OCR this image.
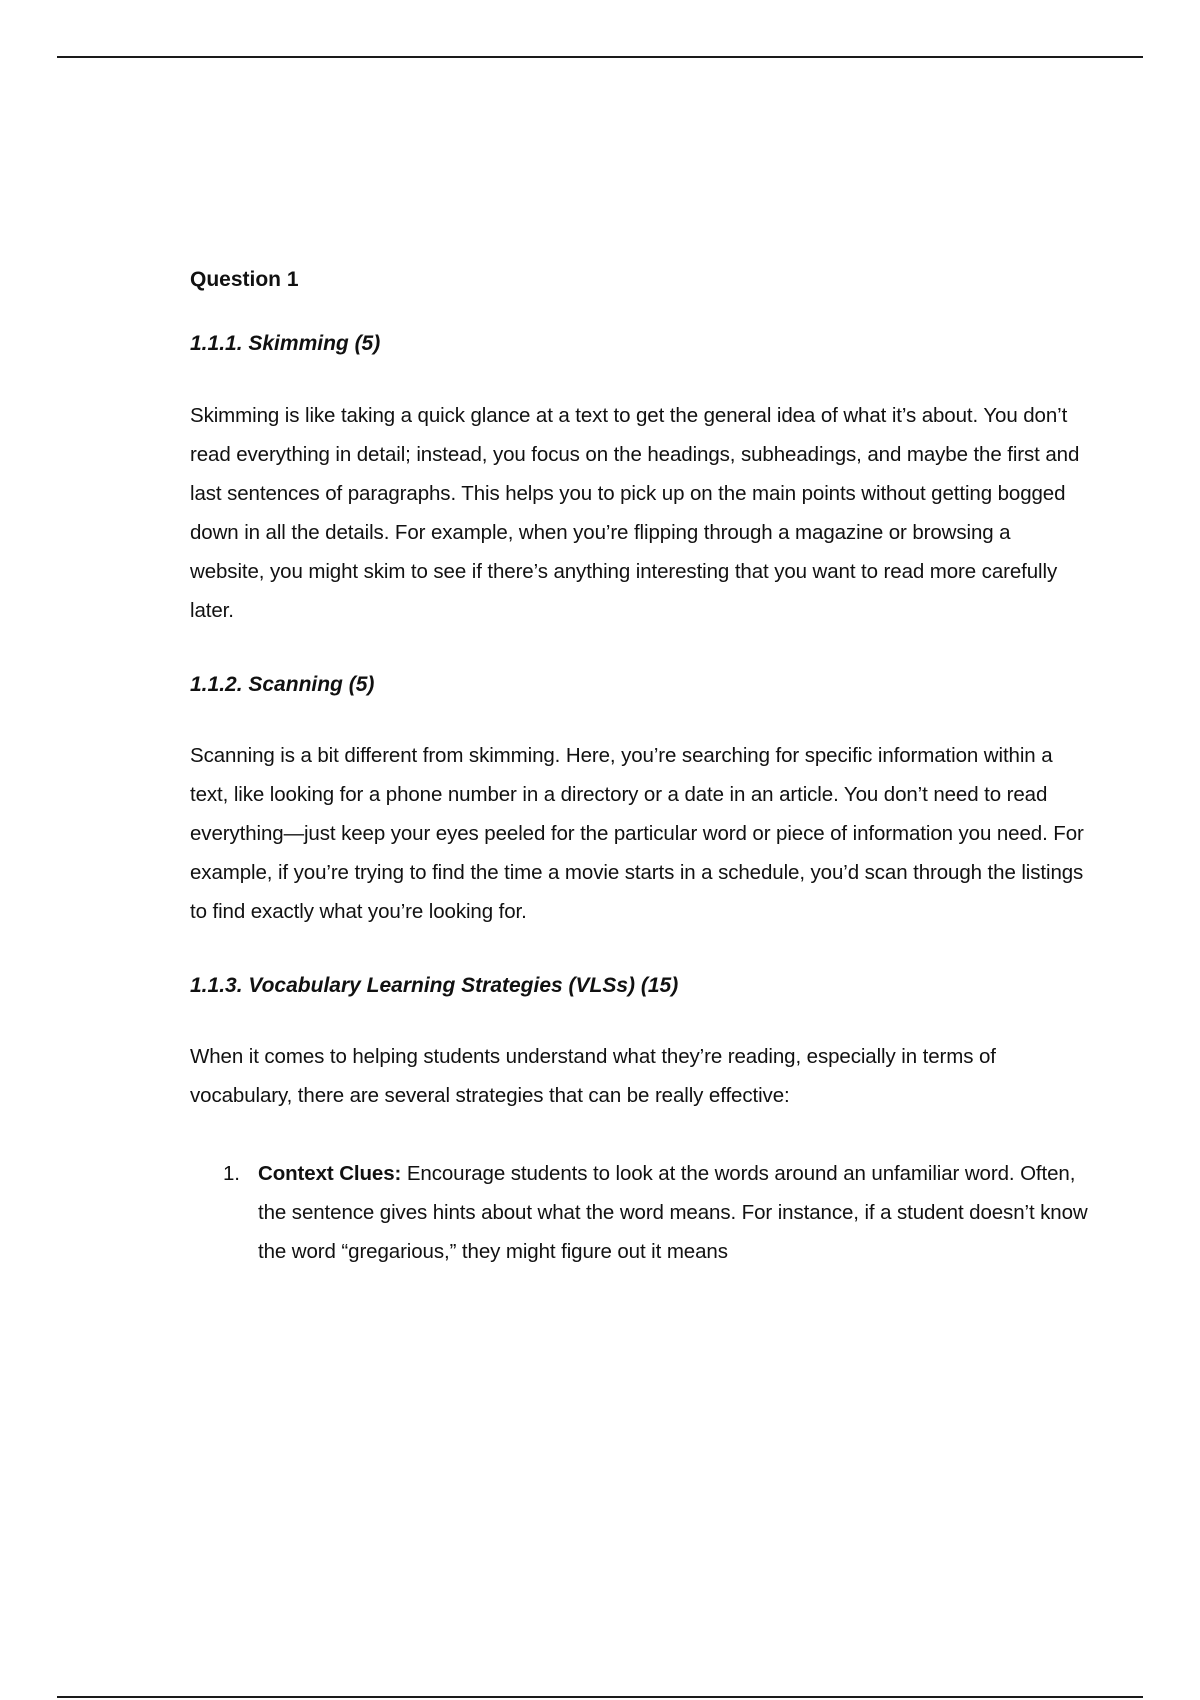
Question 1
1.1.1. Skimming (5)

Skimming is like taking a quick glance at a text to get the general idea of what it’s about. You don’t read everything in detail; instead, you focus on the headings, subheadings, and maybe the first and last sentences of paragraphs. This helps you to pick up on the main points without getting bogged down in all the details. For example, when you’re flipping through a magazine or browsing a website, you might skim to see if there’s anything interesting that you want to read more carefully later.

1.1.2. Scanning (5)

Scanning is a bit different from skimming. Here, you’re searching for specific information within a text, like looking for a phone number in a directory or a date in an article. You don’t need to read everything—just keep your eyes peeled for the particular word or piece of information you need. For example, if you’re trying to find the time a movie starts in a schedule, you’d scan through the listings to find exactly what you’re looking for.

1.1.3. Vocabulary Learning Strategies (VLSs) (15)

When it comes to helping students understand what they’re reading, especially in terms of vocabulary, there are several strategies that can be really effective:

1. Context Clues: Encourage students to look at the words around an unfamiliar word. Often, the sentence gives hints about what the word means. For instance, if a student doesn’t know the word “gregarious,” they might figure out it means
